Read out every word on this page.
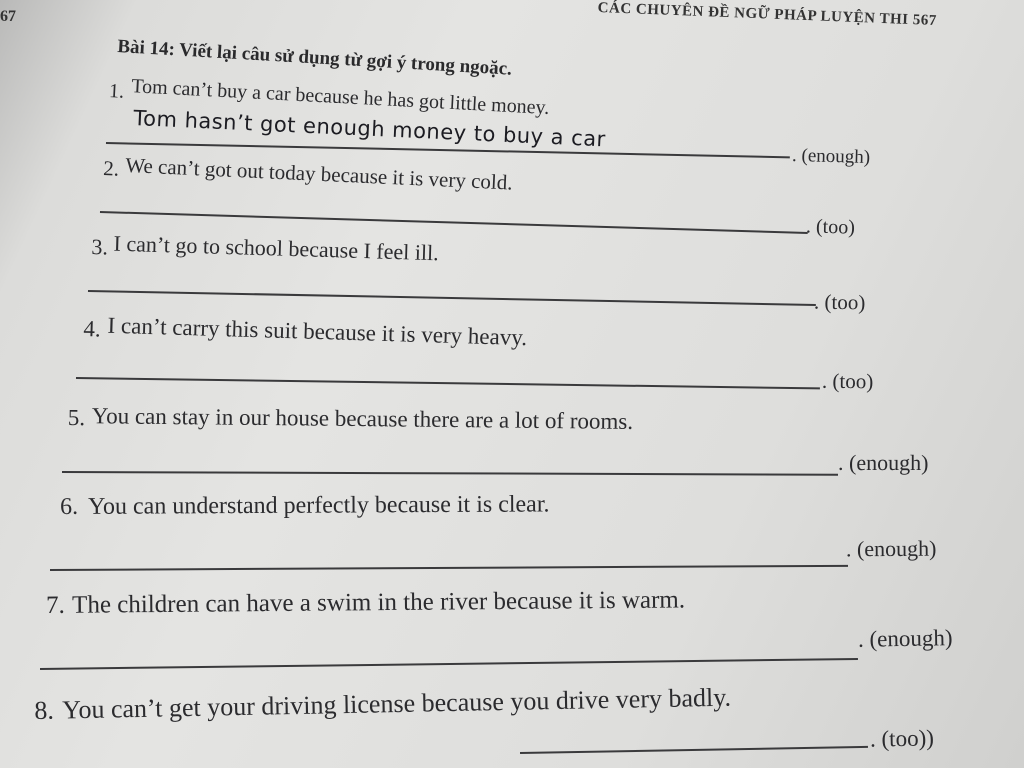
67	CÁC CHUYÊN ĐỀ NGỮ PHÁP LUYỆN THI 567
Bài 14: Viết lại câu sử dụng từ gợi ý trong ngoặc.
1. Tom can’t buy a car because he has got little money.
Tom hasn’t got enough money to buy a car
. (enough)
2. We can’t got out today because it is very cold.
. (too)
3. I can’t go to school because I feel ill.
. (too)
4. I can’t carry this suit because it is very heavy.
. (too)
5. You can stay in our house because there are a lot of rooms.
. (enough)
6. You can understand perfectly because it is clear.
. (enough)
7. The children can have a swim in the river because it is warm.
. (enough)
8. You can’t get your driving license because you drive very badly.
. (too))
